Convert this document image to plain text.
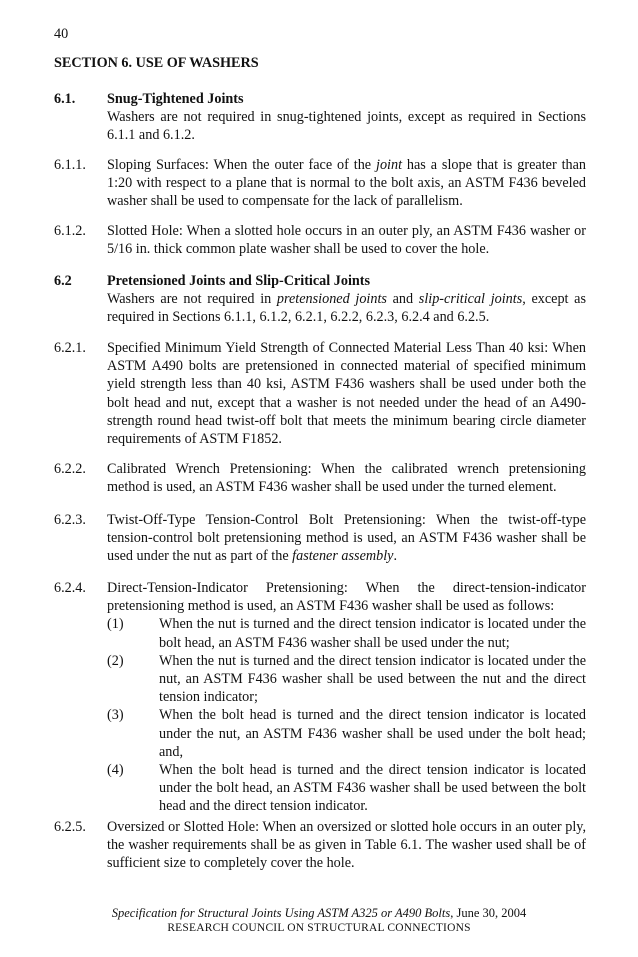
40
SECTION 6. USE OF WASHERS
6.1. Snug-Tightened Joints
Washers are not required in snug-tightened joints, except as required in Sections 6.1.1 and 6.1.2.
6.1.1. Sloping Surfaces: When the outer face of the joint has a slope that is greater than 1:20 with respect to a plane that is normal to the bolt axis, an ASTM F436 beveled washer shall be used to compensate for the lack of parallelism.
6.1.2. Slotted Hole: When a slotted hole occurs in an outer ply, an ASTM F436 washer or 5/16 in. thick common plate washer shall be used to cover the hole.
6.2 Pretensioned Joints and Slip-Critical Joints
Washers are not required in pretensioned joints and slip-critical joints, except as required in Sections 6.1.1, 6.1.2, 6.2.1, 6.2.2, 6.2.3, 6.2.4 and 6.2.5.
6.2.1. Specified Minimum Yield Strength of Connected Material Less Than 40 ksi: When ASTM A490 bolts are pretensioned in connected material of specified minimum yield strength less than 40 ksi, ASTM F436 washers shall be used under both the bolt head and nut, except that a washer is not needed under the head of an A490-strength round head twist-off bolt that meets the minimum bearing circle diameter requirements of ASTM F1852.
6.2.2. Calibrated Wrench Pretensioning: When the calibrated wrench pretensioning method is used, an ASTM F436 washer shall be used under the turned element.
6.2.3. Twist-Off-Type Tension-Control Bolt Pretensioning: When the twist-off-type tension-control bolt pretensioning method is used, an ASTM F436 washer shall be used under the nut as part of the fastener assembly.
6.2.4. Direct-Tension-Indicator Pretensioning: When the direct-tension-indicator pretensioning method is used, an ASTM F436 washer shall be used as follows:
(1) When the nut is turned and the direct tension indicator is located under the bolt head, an ASTM F436 washer shall be used under the nut;
(2) When the nut is turned and the direct tension indicator is located under the nut, an ASTM F436 washer shall be used between the nut and the direct tension indicator;
(3) When the bolt head is turned and the direct tension indicator is located under the nut, an ASTM F436 washer shall be used under the bolt head; and,
(4) When the bolt head is turned and the direct tension indicator is located under the bolt head, an ASTM F436 washer shall be used between the bolt head and the direct tension indicator.
6.2.5. Oversized or Slotted Hole: When an oversized or slotted hole occurs in an outer ply, the washer requirements shall be as given in Table 6.1. The washer used shall be of sufficient size to completely cover the hole.
Specification for Structural Joints Using ASTM A325 or A490 Bolts, June 30, 2004
RESEARCH COUNCIL ON STRUCTURAL CONNECTIONS
